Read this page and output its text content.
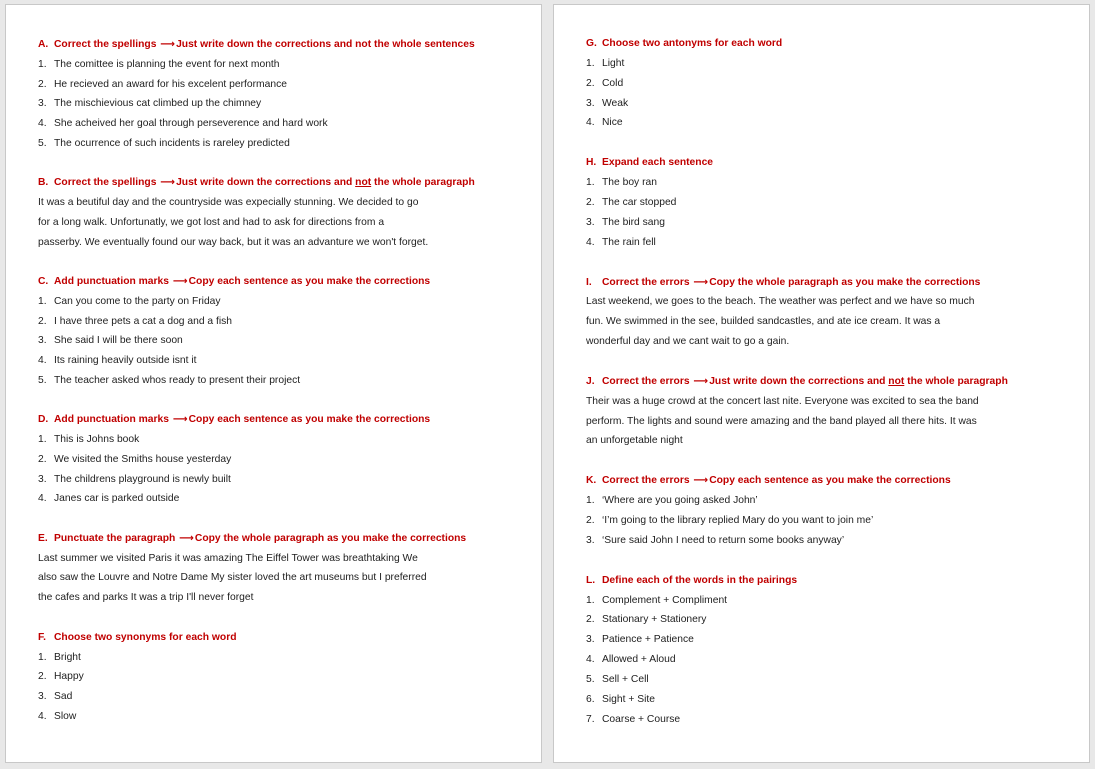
A. Correct the spellings ⟶Just write down the corrections and not the whole sentences
1. The comittee is planning the event for next month
2. He recieved an award for his excelent performance
3. The mischievious cat climbed up the chimney
4. She acheived her goal through perseverence and hard work
5. The ocurrence of such incidents is rareley predicted
B. Correct the spellings ⟶Just write down the corrections and not the whole paragraph
It was a beutiful day and the countryside was expecially stunning. We decided to go
for a long walk. Unfortunatly, we got lost and had to ask for directions from a
passerby. We eventually found our way back, but it was an advanture we won't forget.
C. Add punctuation marks ⟶Copy each sentence as you make the corrections
1. Can you come to the party on Friday
2. I have three pets a cat a dog and a fish
3. She said I will be there soon
4. Its raining heavily outside isnt it
5. The teacher asked whos ready to present their project
D. Add punctuation marks ⟶Copy each sentence as you make the corrections
1. This is Johns book
2. We visited the Smiths house yesterday
3. The childrens playground is newly built
4. Janes car is parked outside
E. Punctuate the paragraph ⟶Copy the whole paragraph as you make the corrections
Last summer we visited Paris it was amazing The Eiffel Tower was breathtaking We
also saw the Louvre and Notre Dame My sister loved the art museums but I preferred
the cafes and parks It was a trip I'll never forget
F. Choose two synonyms for each word
1. Bright
2. Happy
3. Sad
4. Slow
G. Choose two antonyms for each word
1. Light
2. Cold
3. Weak
4. Nice
H. Expand each sentence
1. The boy ran
2. The car stopped
3. The bird sang
4. The rain fell
I. Correct the errors ⟶Copy the whole paragraph as you make the corrections
Last weekend, we goes to the beach. The weather was perfect and we have so much
fun. We swimmed in the see, builded sandcastles, and ate ice cream. It was a
wonderful day and we cant wait to go a gain.
J. Correct the errors ⟶Just write down the corrections and not the whole paragraph
Their was a huge crowd at the concert last nite. Everyone was excited to sea the band
perform. The lights and sound were amazing and the band played all there hits. It was
an unforgetable night
K. Correct the errors ⟶Copy each sentence as you make the corrections
1. ‘Where are you going asked John’
2. ‘I’m going to the library replied Mary do you want to join me’
3. ‘Sure said John I need to return some books anyway’
L. Define each of the words in the pairings
1. Complement + Compliment
2. Stationary + Stationery
3. Patience + Patience
4. Allowed + Aloud
5. Sell + Cell
6. Sight + Site
7. Coarse + Course
